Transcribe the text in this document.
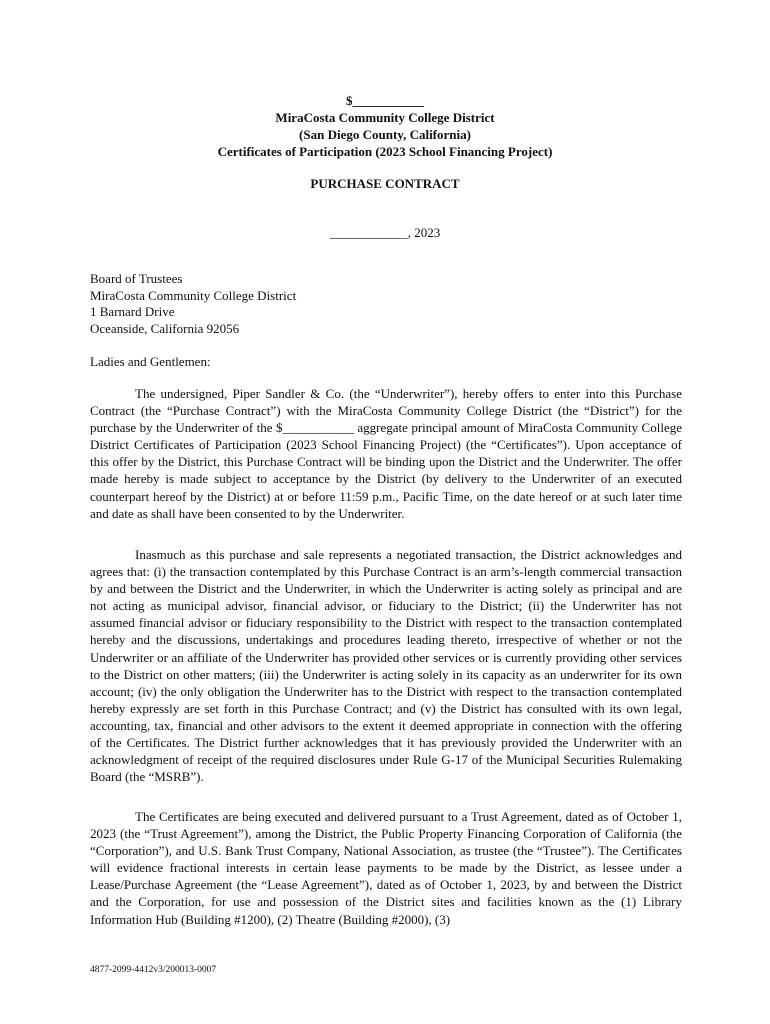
$___________
MiraCosta Community College District
(San Diego County, California)
Certificates of Participation (2023 School Financing Project)
PURCHASE CONTRACT
____________, 2023
Board of Trustees
MiraCosta Community College District
1 Barnard Drive
Oceanside, California 92056
Ladies and Gentlemen:

The undersigned, Piper Sandler & Co. (the “Underwriter”), hereby offers to enter into this Purchase Contract (the “Purchase Contract”) with the MiraCosta Community College District (the “District”) for the purchase by the Underwriter of the $___________ aggregate principal amount of MiraCosta Community College District Certificates of Participation (2023 School Financing Project) (the “Certificates”). Upon acceptance of this offer by the District, this Purchase Contract will be binding upon the District and the Underwriter. The offer made hereby is made subject to acceptance by the District (by delivery to the Underwriter of an executed counterpart hereof by the District) at or before 11:59 p.m., Pacific Time, on the date hereof or at such later time and date as shall have been consented to by the Underwriter.

Inasmuch as this purchase and sale represents a negotiated transaction, the District acknowledges and agrees that: (i) the transaction contemplated by this Purchase Contract is an arm’s-length commercial transaction by and between the District and the Underwriter, in which the Underwriter is acting solely as principal and are not acting as municipal advisor, financial advisor, or fiduciary to the District; (ii) the Underwriter has not assumed financial advisor or fiduciary responsibility to the District with respect to the transaction contemplated hereby and the discussions, undertakings and procedures leading thereto, irrespective of whether or not the Underwriter or an affiliate of the Underwriter has provided other services or is currently providing other services to the District on other matters; (iii) the Underwriter is acting solely in its capacity as an underwriter for its own account; (iv) the only obligation the Underwriter has to the District with respect to the transaction contemplated hereby expressly are set forth in this Purchase Contract; and (v) the District has consulted with its own legal, accounting, tax, financial and other advisors to the extent it deemed appropriate in connection with the offering of the Certificates. The District further acknowledges that it has previously provided the Underwriter with an acknowledgment of receipt of the required disclosures under Rule G-17 of the Municipal Securities Rulemaking Board (the “MSRB”).

The Certificates are being executed and delivered pursuant to a Trust Agreement, dated as of October 1, 2023 (the “Trust Agreement”), among the District, the Public Property Financing Corporation of California (the “Corporation”), and U.S. Bank Trust Company, National Association, as trustee (the “Trustee”). The Certificates will evidence fractional interests in certain lease payments to be made by the District, as lessee under a Lease/Purchase Agreement (the “Lease Agreement”), dated as of October 1, 2023, by and between the District and the Corporation, for use and possession of the District sites and facilities known as the (1) Library Information Hub (Building #1200), (2) Theatre (Building #2000), (3)

4877-2099-4412v3/200013-0007
